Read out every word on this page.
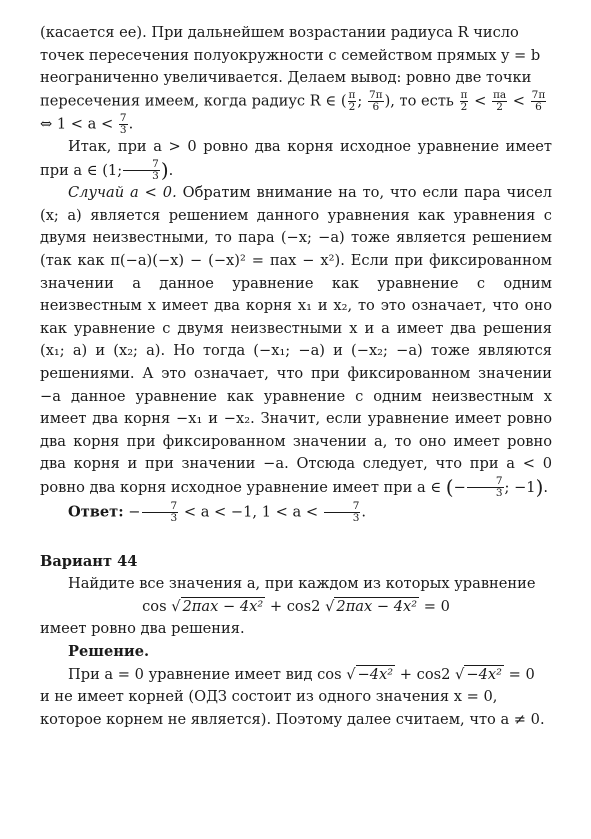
(касается ее). При дальнейшем возрастании радиуса R число
точек пересечения полуокружности с семейством прямых y = b
неограниченно увеличивается. Делаем вывод: ровно две точки
пересечения имеем, когда радиус R ∈ ( $\frac{\pi}{2}$ ; $\frac{7\pi}{6}$ ), то есть $\frac{\pi}{2} < \frac{\pi a}{2} < \frac{7\pi}{6}$

⇔ $1 < a < \frac{7}{3}$ .

Итак, при a > 0 ровно два корня исходное уравнение имеет при a ∈ (1; $\frac{7}{3}$ ).

Случай a < 0. Обратим внимание на то, что если пара чисел (x; a) является решением данного уравнения как уравнения с двумя неизвестными, то пара (−x; −a) тоже является решением (так как π(−a)(−x) − (−x)² = πax − x²). Если при фиксированном значении a данное уравнение как уравнение с одним неизвестным x имеет два корня x₁ и x₂, то это означает, что оно как уравнение с двумя неизвестными x и a имеет два решения (x₁; a) и (x₂; a). Но тогда (−x₁; −a) и (−x₂; −a) тоже являются решениями. А это означает, что при фиксированном значении −a данное уравнение как уравнение с одним неизвестным x имеет два корня −x₁ и −x₂. Значит, если уравнение имеет ровно два корня при фиксированном значении a, то оно имеет ровно два корня и при значении −a. Отсюда следует, что при a < 0 ровно два корня исходное уравнение имеет при a ∈ (− $\frac{7}{3}$ ; −1).

Ответ: − $\frac{7}{3} < a < -1$, $1 < a < \frac{7}{3}$ .

Вариант 44

Найдите все значения a, при каждом из которых уравнение

cos √ 2πax − 4x² + cos2 √ 2πax − 4x² = 0

имеет ровно два решения.

Решение.

При a = 0 уравнение имеет вид cos √ −4x² + cos2 √ −4x² = 0

и не имеет корней (ОДЗ состоит из одного значения x = 0,

которое корнем не является). Поэтому далее считаем, что a ≠ 0.
